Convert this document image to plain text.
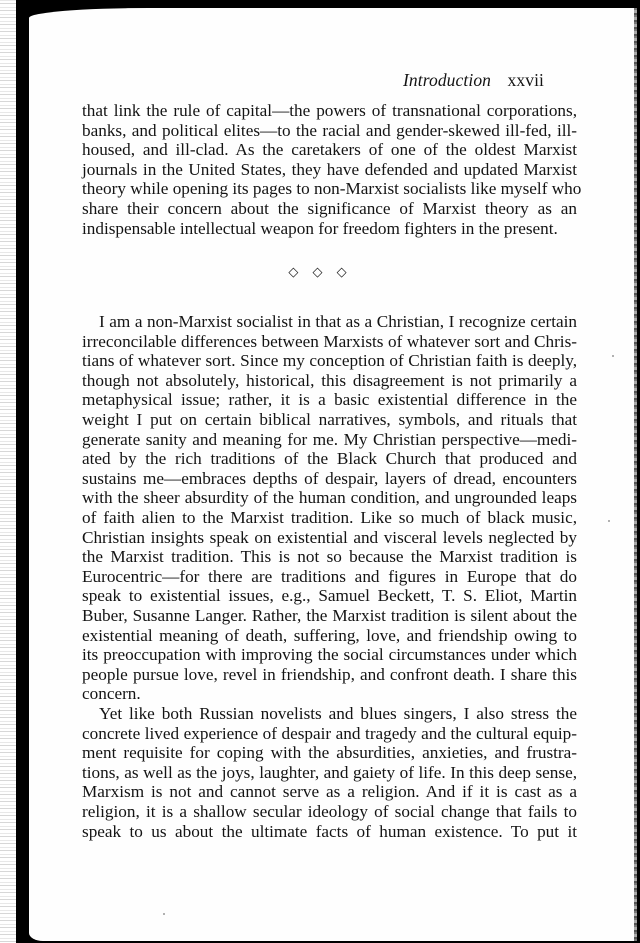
Introduction xxvii
that link the rule of capital—the powers of transnational corporations,
banks, and political elites—to the racial and gender-skewed ill-fed, ill-
housed, and ill-clad. As the caretakers of one of the oldest Marxist
journals in the United States, they have defended and updated Marxist
theory while opening its pages to non-Marxist socialists like myself who
share their concern about the significance of Marxist theory as an
indispensable intellectual weapon for freedom fighters in the present.
◇ ◇ ◇
I am a non-Marxist socialist in that as a Christian, I recognize certain
irreconcilable differences between Marxists of whatever sort and Chris-
tians of whatever sort. Since my conception of Christian faith is deeply,
though not absolutely, historical, this disagreement is not primarily a
metaphysical issue; rather, it is a basic existential difference in the
weight I put on certain biblical narratives, symbols, and rituals that
generate sanity and meaning for me. My Christian perspective—medi-
ated by the rich traditions of the Black Church that produced and
sustains me—embraces depths of despair, layers of dread, encounters
with the sheer absurdity of the human condition, and ungrounded leaps
of faith alien to the Marxist tradition. Like so much of black music,
Christian insights speak on existential and visceral levels neglected by
the Marxist tradition. This is not so because the Marxist tradition is
Eurocentric—for there are traditions and figures in Europe that do
speak to existential issues, e.g., Samuel Beckett, T. S. Eliot, Martin
Buber, Susanne Langer. Rather, the Marxist tradition is silent about the
existential meaning of death, suffering, love, and friendship owing to
its preoccupation with improving the social circumstances under which
people pursue love, revel in friendship, and confront death. I share this
concern.
Yet like both Russian novelists and blues singers, I also stress the
concrete lived experience of despair and tragedy and the cultural equip-
ment requisite for coping with the absurdities, anxieties, and frustra-
tions, as well as the joys, laughter, and gaiety of life. In this deep sense,
Marxism is not and cannot serve as a religion. And if it is cast as a
religion, it is a shallow secular ideology of social change that fails to
speak to us about the ultimate facts of human existence. To put it
